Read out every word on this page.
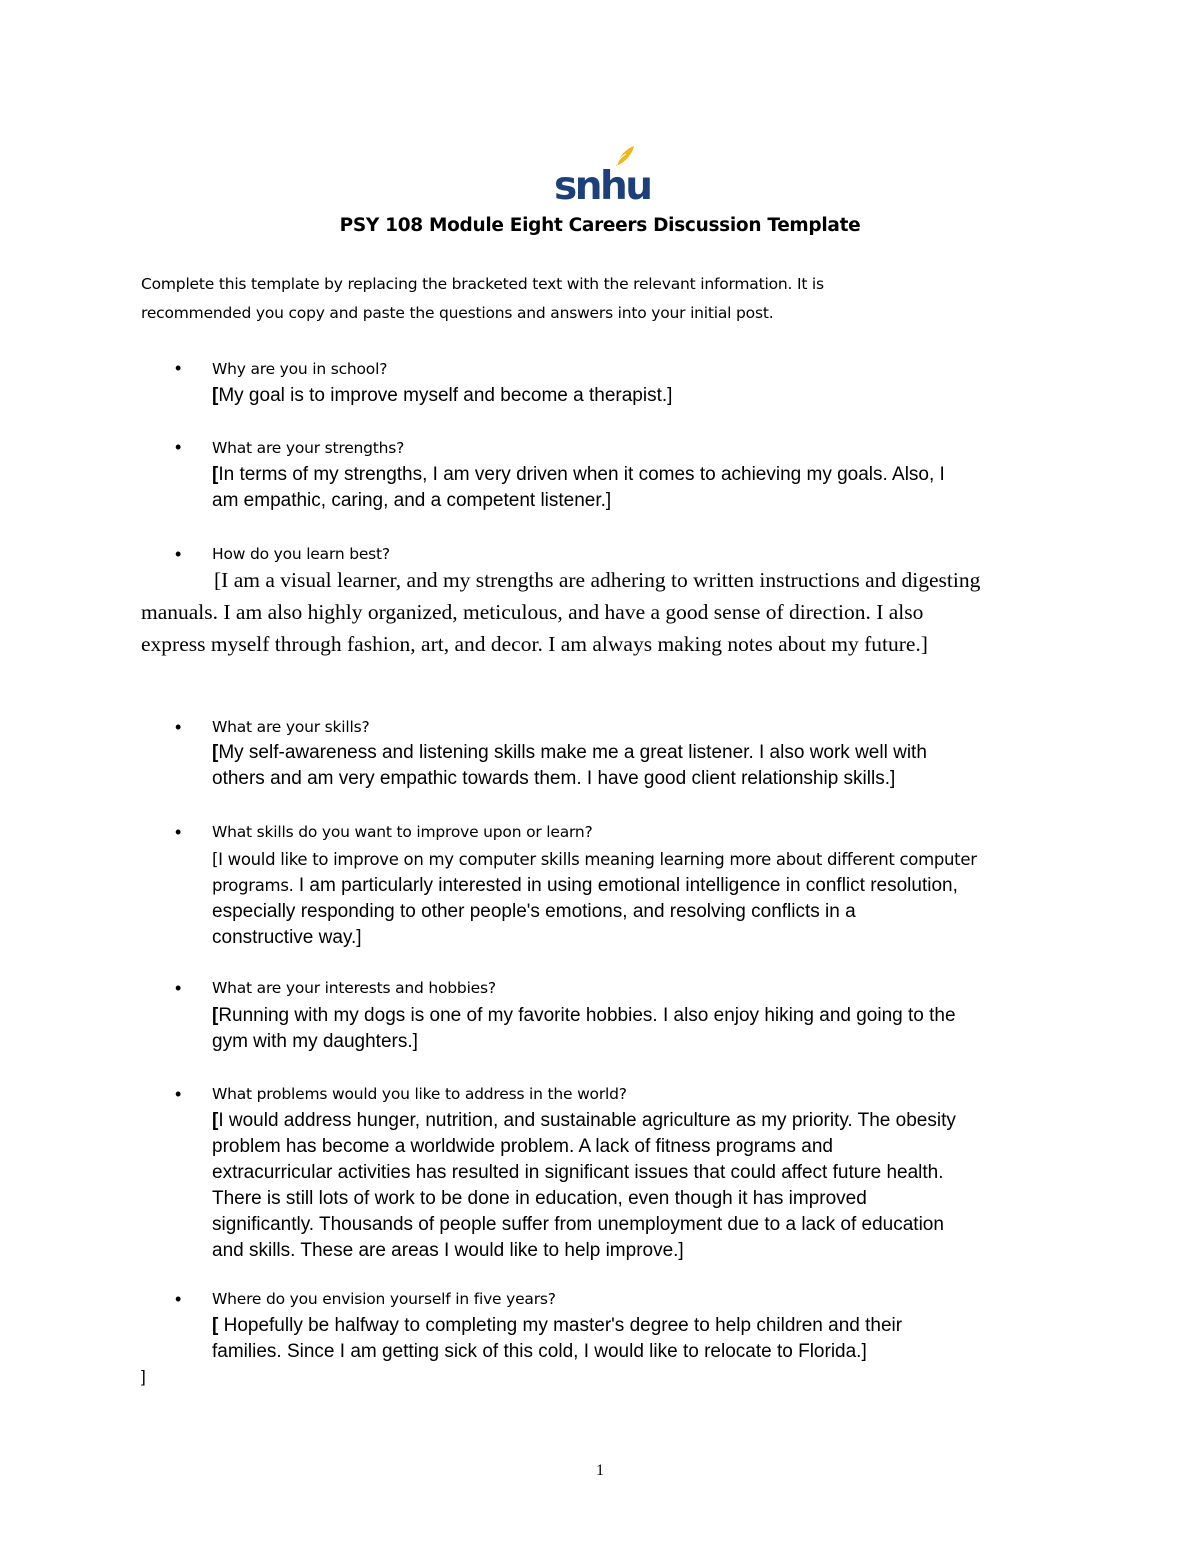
snhu
PSY 108 Module Eight Careers Discussion Template

Complete this template by replacing the bracketed text with the relevant information. It is

recommended you copy and paste the questions and answers into your initial post.

• Why are you in school?

[My goal is to improve myself and become a therapist.]

• What are your strengths?

[In terms of my strengths, I am very driven when it comes to achieving my goals. Also, I

am empathic, caring, and a competent listener.]

• How do you learn best?

[I am a visual learner, and my strengths are adhering to written instructions and digesting

manuals. I am also highly organized, meticulous, and have a good sense of direction. I also

express myself through fashion, art, and decor. I am always making notes about my future.]

• What are your skills?

[My self-awareness and listening skills make me a great listener. I also work well with

others and am very empathic towards them. I have good client relationship skills.]

• What skills do you want to improve upon or learn?

[I would like to improve on my computer skills meaning learning more about different computer

programs. I am particularly interested in using emotional intelligence in conflict resolution,

especially responding to other people's emotions, and resolving conflicts in a

constructive way.]

• What are your interests and hobbies?

[Running with my dogs is one of my favorite hobbies. I also enjoy hiking and going to the

gym with my daughters.]

• What problems would you like to address in the world?

[I would address hunger, nutrition, and sustainable agriculture as my priority. The obesity

problem has become a worldwide problem. A lack of fitness programs and

extracurricular activities has resulted in significant issues that could affect future health.

There is still lots of work to be done in education, even though it has improved

significantly. Thousands of people suffer from unemployment due to a lack of education

and skills. These are areas I would like to help improve.]

• Where do you envision yourself in five years?

[ Hopefully be halfway to completing my master's degree to help children and their

families. Since I am getting sick of this cold, I would like to relocate to Florida.]

]
1
